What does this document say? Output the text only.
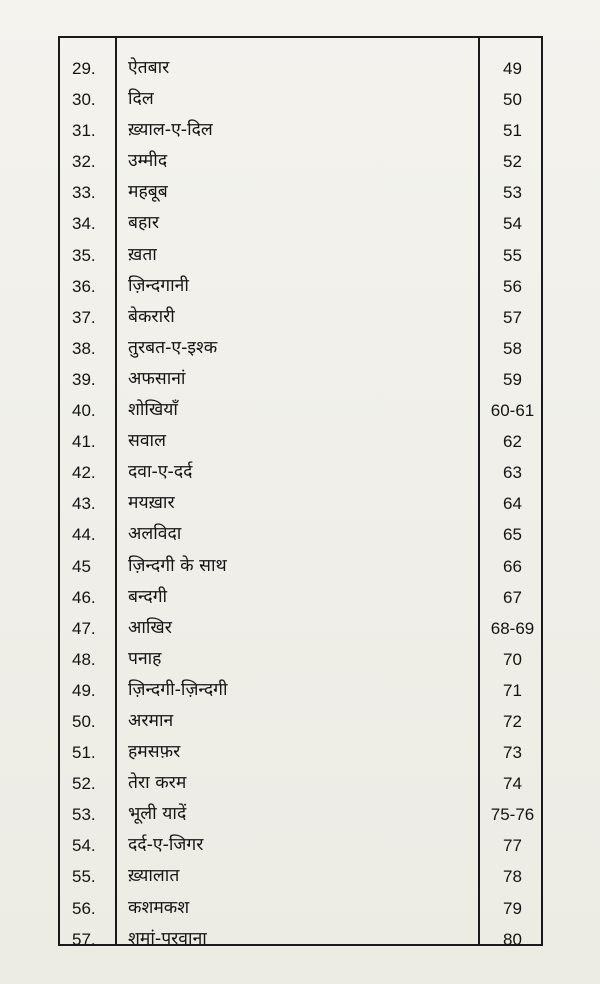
29.	ऐतबार	49
30.	दिल	50
31.	ख़्याल-ए-दिल	51
32.	उम्मीद	52
33.	महबूब	53
34.	बहार	54
35.	ख़ता	55
36.	ज़िन्दगानी	56
37.	बेकरारी	57
38.	तुरबत-ए-इश्क	58
39.	अफसानां	59
40.	शोखियाँ	60-61
41.	सवाल	62
42.	दवा-ए-दर्द	63
43.	मयख़ार	64
44.	अलविदा	65
45	ज़िन्दगी के साथ	66
46.	बन्दगी	67
47.	आखिर	68-69
48.	पनाह	70
49.	ज़िन्दगी-ज़िन्दगी	71
50.	अरमान	72
51.	हमसफ़र	73
52.	तेरा करम	74
53.	भूली यादें	75-76
54.	दर्द-ए-जिगर	77
55.	ख़्यालात	78
56.	कशमकश	79
57.	शमां-परवाना	80
